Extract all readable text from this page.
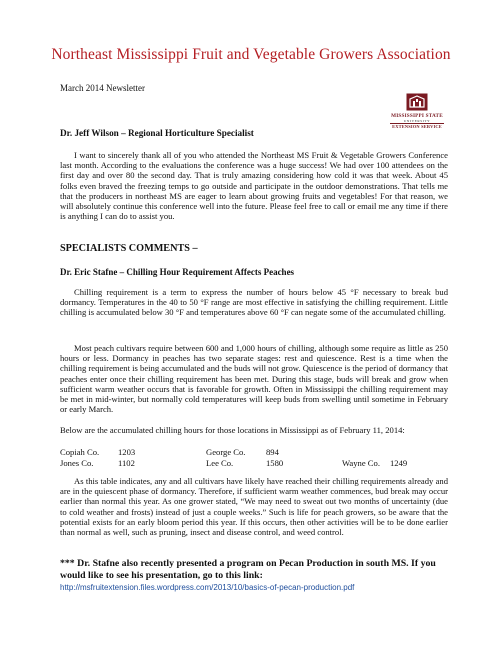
Northeast Mississippi Fruit and Vegetable Growers Association
March 2014 Newsletter
MISSISSIPPI STATE
UNIVERSITY
EXTENSION SERVICE
Dr. Jeff Wilson – Regional Horticulture Specialist
I want to sincerely thank all of you who attended the Northeast MS Fruit & Vegetable Growers Conference last month. According to the evaluations the conference was a huge success! We had over 100 attendees on the first day and over 80 the second day. That is truly amazing considering how cold it was that week. About 45 folks even braved the freezing temps to go outside and participate in the outdoor demonstrations. That tells me that the producers in northeast MS are eager to learn about growing fruits and vegetables! For that reason, we will absolutely continue this conference well into the future. Please feel free to call or email me any time if there is anything I can do to assist you.
SPECIALISTS COMMENTS –
Dr. Eric Stafne – Chilling Hour Requirement Affects Peaches
Chilling requirement is a term to express the number of hours below 45 °F necessary to break bud dormancy. Temperatures in the 40 to 50 °F range are most effective in satisfying the chilling requirement. Little chilling is accumulated below 30 °F and temperatures above 60 °F can negate some of the accumulated chilling.
Most peach cultivars require between 600 and 1,000 hours of chilling, although some require as little as 250 hours or less. Dormancy in peaches has two separate stages: rest and quiescence. Rest is a time when the chilling requirement is being accumulated and the buds will not grow. Quiescence is the period of dormancy that peaches enter once their chilling requirement has been met. During this stage, buds will break and grow when sufficient warm weather occurs that is favorable for growth. Often in Mississippi the chilling requirement may be met in mid-winter, but normally cold temperatures will keep buds from swelling until sometime in February or early March.
Below are the accumulated chilling hours for those locations in Mississippi as of February 11, 2014:
Copiah Co. 1203	George Co. 894
Jones Co.	1102	Lee Co.	1580	Wayne Co. 1249
As this table indicates, any and all cultivars have likely have reached their chilling requirements already and are in the quiescent phase of dormancy. Therefore, if sufficient warm weather commences, bud break may occur earlier than normal this year. As one grower stated, “We may need to sweat out two months of uncertainty (due to cold weather and frosts) instead of just a couple weeks.” Such is life for peach growers, so be aware that the potential exists for an early bloom period this year. If this occurs, then other activities will be to be done earlier than normal as well, such as pruning, insect and disease control, and weed control.
*** Dr. Stafne also recently presented a program on Pecan Production in south MS. If you would like to see his presentation, go to this link:
http://msfruitextension.files.wordpress.com/2013/10/basics-of-pecan-production.pdf
